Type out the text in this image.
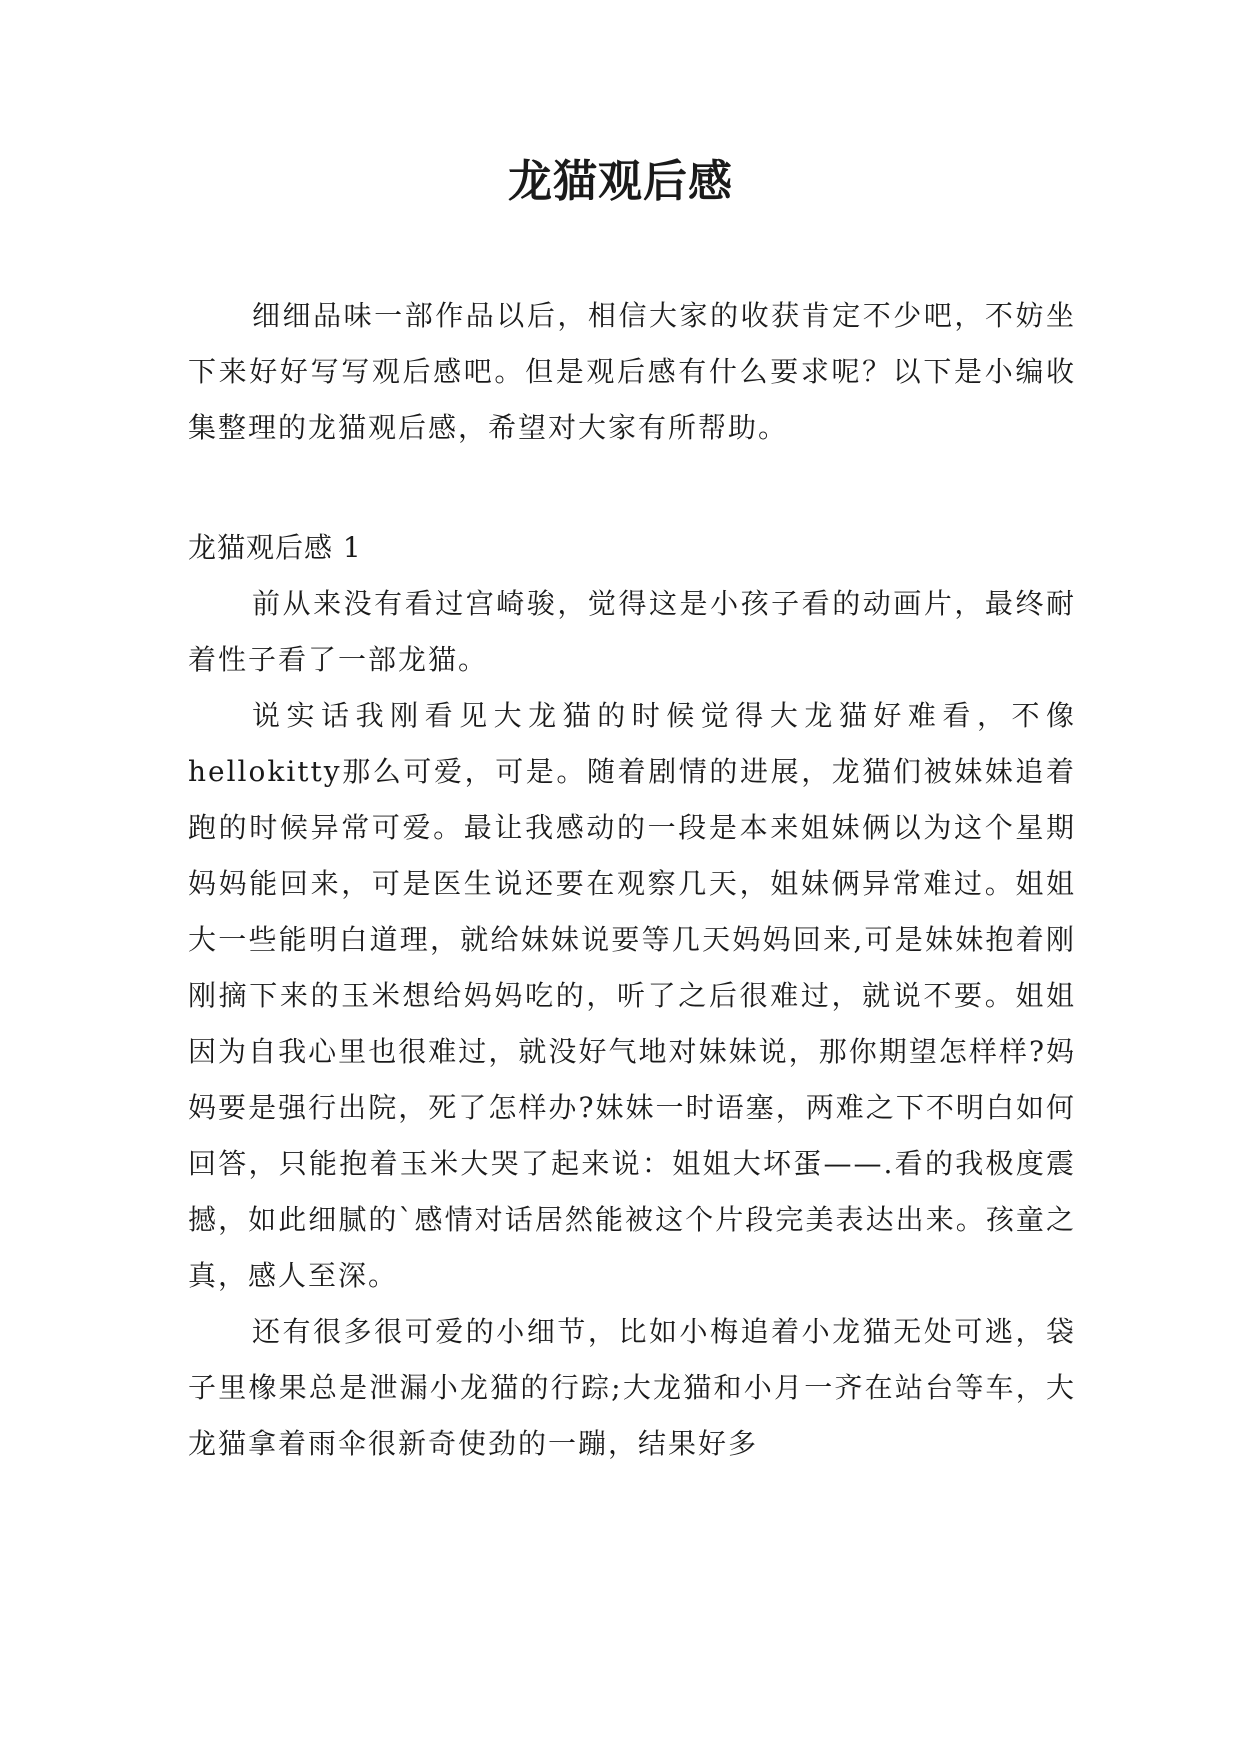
龙猫观后感

细细品味一部作品以后，相信大家的收获肯定不少吧，不妨坐下来好好写写观后感吧。但是观后感有什么要求呢？以下是小编收集整理的龙猫观后感，希望对大家有所帮助。

龙猫观后感 1

前从来没有看过宫崎骏，觉得这是小孩子看的动画片，最终耐着性子看了一部龙猫。

说实话我刚看见大龙猫的时候觉得大龙猫好难看，不像hellokitty那么可爱，可是。随着剧情的进展，龙猫们被妹妹追着跑的时候异常可爱。最让我感动的一段是本来姐妹俩以为这个星期妈妈能回来，可是医生说还要在观察几天，姐妹俩异常难过。姐姐大一些能明白道理，就给妹妹说要等几天妈妈回来,可是妹妹抱着刚刚摘下来的玉米想给妈妈吃的，听了之后很难过，就说不要。姐姐因为自我心里也很难过，就没好气地对妹妹说，那你期望怎样样?妈妈要是强行出院，死了怎样办?妹妹一时语塞，两难之下不明白如何回答，只能抱着玉米大哭了起来说：姐姐大坏蛋——.看的我极度震撼，如此细腻的`感情对话居然能被这个片段完美表达出来。孩童之真，感人至深。

还有很多很可爱的小细节，比如小梅追着小龙猫无处可逃，袋子里橡果总是泄漏小龙猫的行踪;大龙猫和小月一齐在站台等车，大龙猫拿着雨伞很新奇使劲的一蹦，结果好多
